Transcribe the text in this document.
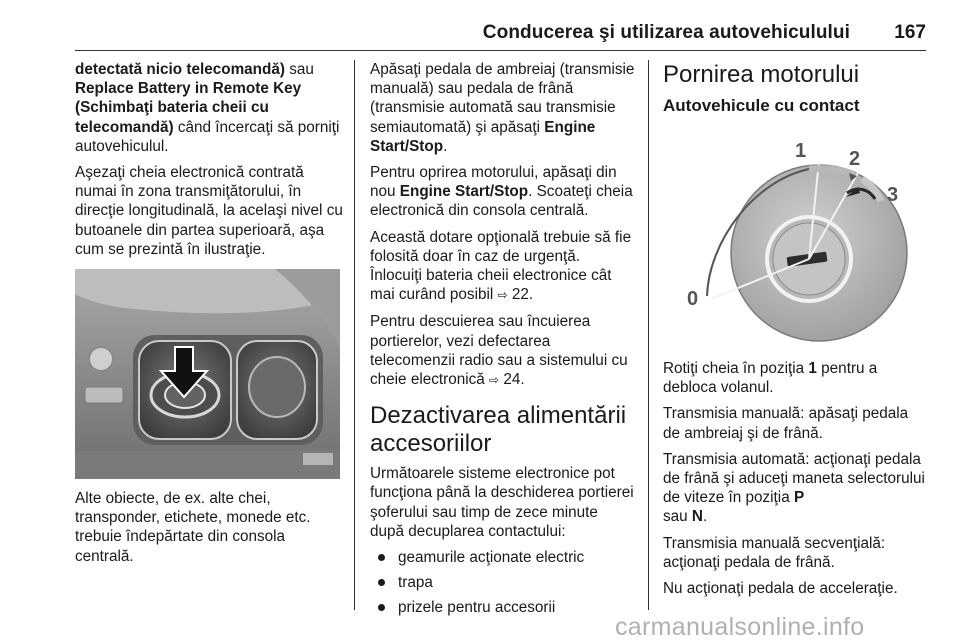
Conducerea şi utilizarea autovehiculului	167

detectată nicio telecomandă) sau Replace Battery in Remote Key (Schimbaţi bateria cheii cu telecomandă) când încercaţi să porniţi autovehiculul.

Aşezaţi cheia electronică contrată numai în zona transmiţătorului, în direcţie longitudinală, la acelaşi nivel cu butoanele din partea superioară, aşa cum se prezintă în ilustraţie.

Alte obiecte, de ex. alte chei, transponder, etichete, monede etc. trebuie îndepărtate din consola centrală.

Apăsaţi pedala de ambreiaj (transmisie manuală) sau pedala de frână (transmisie automată sau transmisie semiautomată) şi apăsaţi Engine Start/Stop.

Pentru oprirea motorului, apăsaţi din nou Engine Start/Stop. Scoateţi cheia electronică din consola centrală.

Această dotare opţională trebuie să fie folosită doar în caz de urgenţă. Înlocuiţi bateria cheii electronice cât mai curând posibil ⇨ 22.

Pentru descuierea sau încuierea portierelor, vezi defectarea telecomenzii radio sau a sistemului cu cheie electronică ⇨ 24.

Dezactivarea alimentării accesoriilor

Următoarele sisteme electronice pot funcţiona până la deschiderea portierei şoferului sau timp de zece minute după decuplarea contactului:

geamurile acţionate electric
trapa
prizele pentru accesorii
Pornirea motorului
Autovehicule cu contact
0
1 2
3

Rotiţi cheia în poziţia 1 pentru a debloca volanul.

Transmisia manuală: apăsaţi pedala de ambreiaj şi de frână.

Transmisia automată: acţionaţi pedala de frână şi aduceţi maneta selectorului de viteze în poziţia P
sau N.

Transmisia manuală secvenţială: acţionaţi pedala de frână.

Nu acţionaţi pedala de acceleraţie.

carmanualsonline.info
